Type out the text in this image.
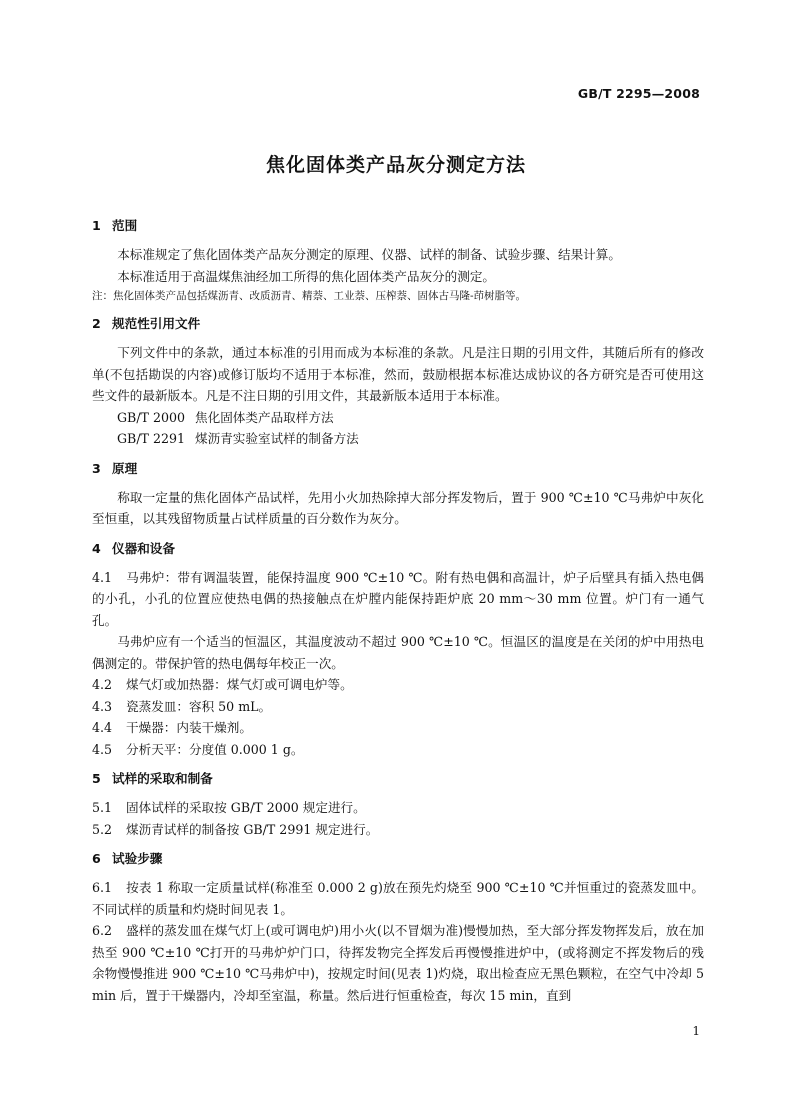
GB/T 2295—2008
焦化固体类产品灰分测定方法
1 范围

本标准规定了焦化固体类产品灰分测定的原理、仪器、试样的制备、试验步骤、结果计算。

本标准适用于高温煤焦油经加工所得的焦化固体类产品灰分的测定。

注：焦化固体类产品包括煤沥青、改质沥青、精萘、工业萘、压榨萘、固体古马隆-茚树脂等。

2 规范性引用文件

下列文件中的条款，通过本标准的引用而成为本标准的条款。凡是注日期的引用文件，其随后所有的修改单(不包括勘误的内容)或修订版均不适用于本标准，然而，鼓励根据本标准达成协议的各方研究是否可使用这些文件的最新版本。凡是不注日期的引用文件，其最新版本适用于本标准。

GB/T 2000 焦化固体类产品取样方法

GB/T 2291 煤沥青实验室试样的制备方法

3 原理

称取一定量的焦化固体产品试样，先用小火加热除掉大部分挥发物后，置于 900 ℃±10 ℃马弗炉中灰化至恒重，以其残留物质量占试样质量的百分数作为灰分。

4 仪器和设备

4.1 马弗炉：带有调温装置，能保持温度 900 ℃±10 ℃。附有热电偶和高温计，炉子后壁具有插入热电偶的小孔，小孔的位置应使热电偶的热接触点在炉膛内能保持距炉底 20 mm～30 mm 位置。炉门有一通气孔。

马弗炉应有一个适当的恒温区，其温度波动不超过 900 ℃±10 ℃。恒温区的温度是在关闭的炉中用热电偶测定的。带保护管的热电偶每年校正一次。

4.2 煤气灯或加热器：煤气灯或可调电炉等。

4.3 瓷蒸发皿：容积 50 mL。

4.4 干燥器：内装干燥剂。

4.5 分析天平：分度值 0.000 1 g。

5 试样的采取和制备

5.1 固体试样的采取按 GB/T 2000 规定进行。

5.2 煤沥青试样的制备按 GB/T 2991 规定进行。

6 试验步骤

6.1 按表 1 称取一定质量试样(称准至 0.000 2 g)放在预先灼烧至 900 ℃±10 ℃并恒重过的瓷蒸发皿中。不同试样的质量和灼烧时间见表 1。

6.2 盛样的蒸发皿在煤气灯上(或可调电炉)用小火(以不冒烟为准)慢慢加热，至大部分挥发物挥发后，放在加热至 900 ℃±10 ℃打开的马弗炉炉门口，待挥发物完全挥发后再慢慢推进炉中，(或将测定不挥发物后的残余物慢慢推进 900 ℃±10 ℃马弗炉中)，按规定时间(见表 1)灼烧，取出检查应无黑色颗粒，在空气中冷却 5 min 后，置于干燥器内，冷却至室温，称量。然后进行恒重检查，每次 15 min，直到

1
